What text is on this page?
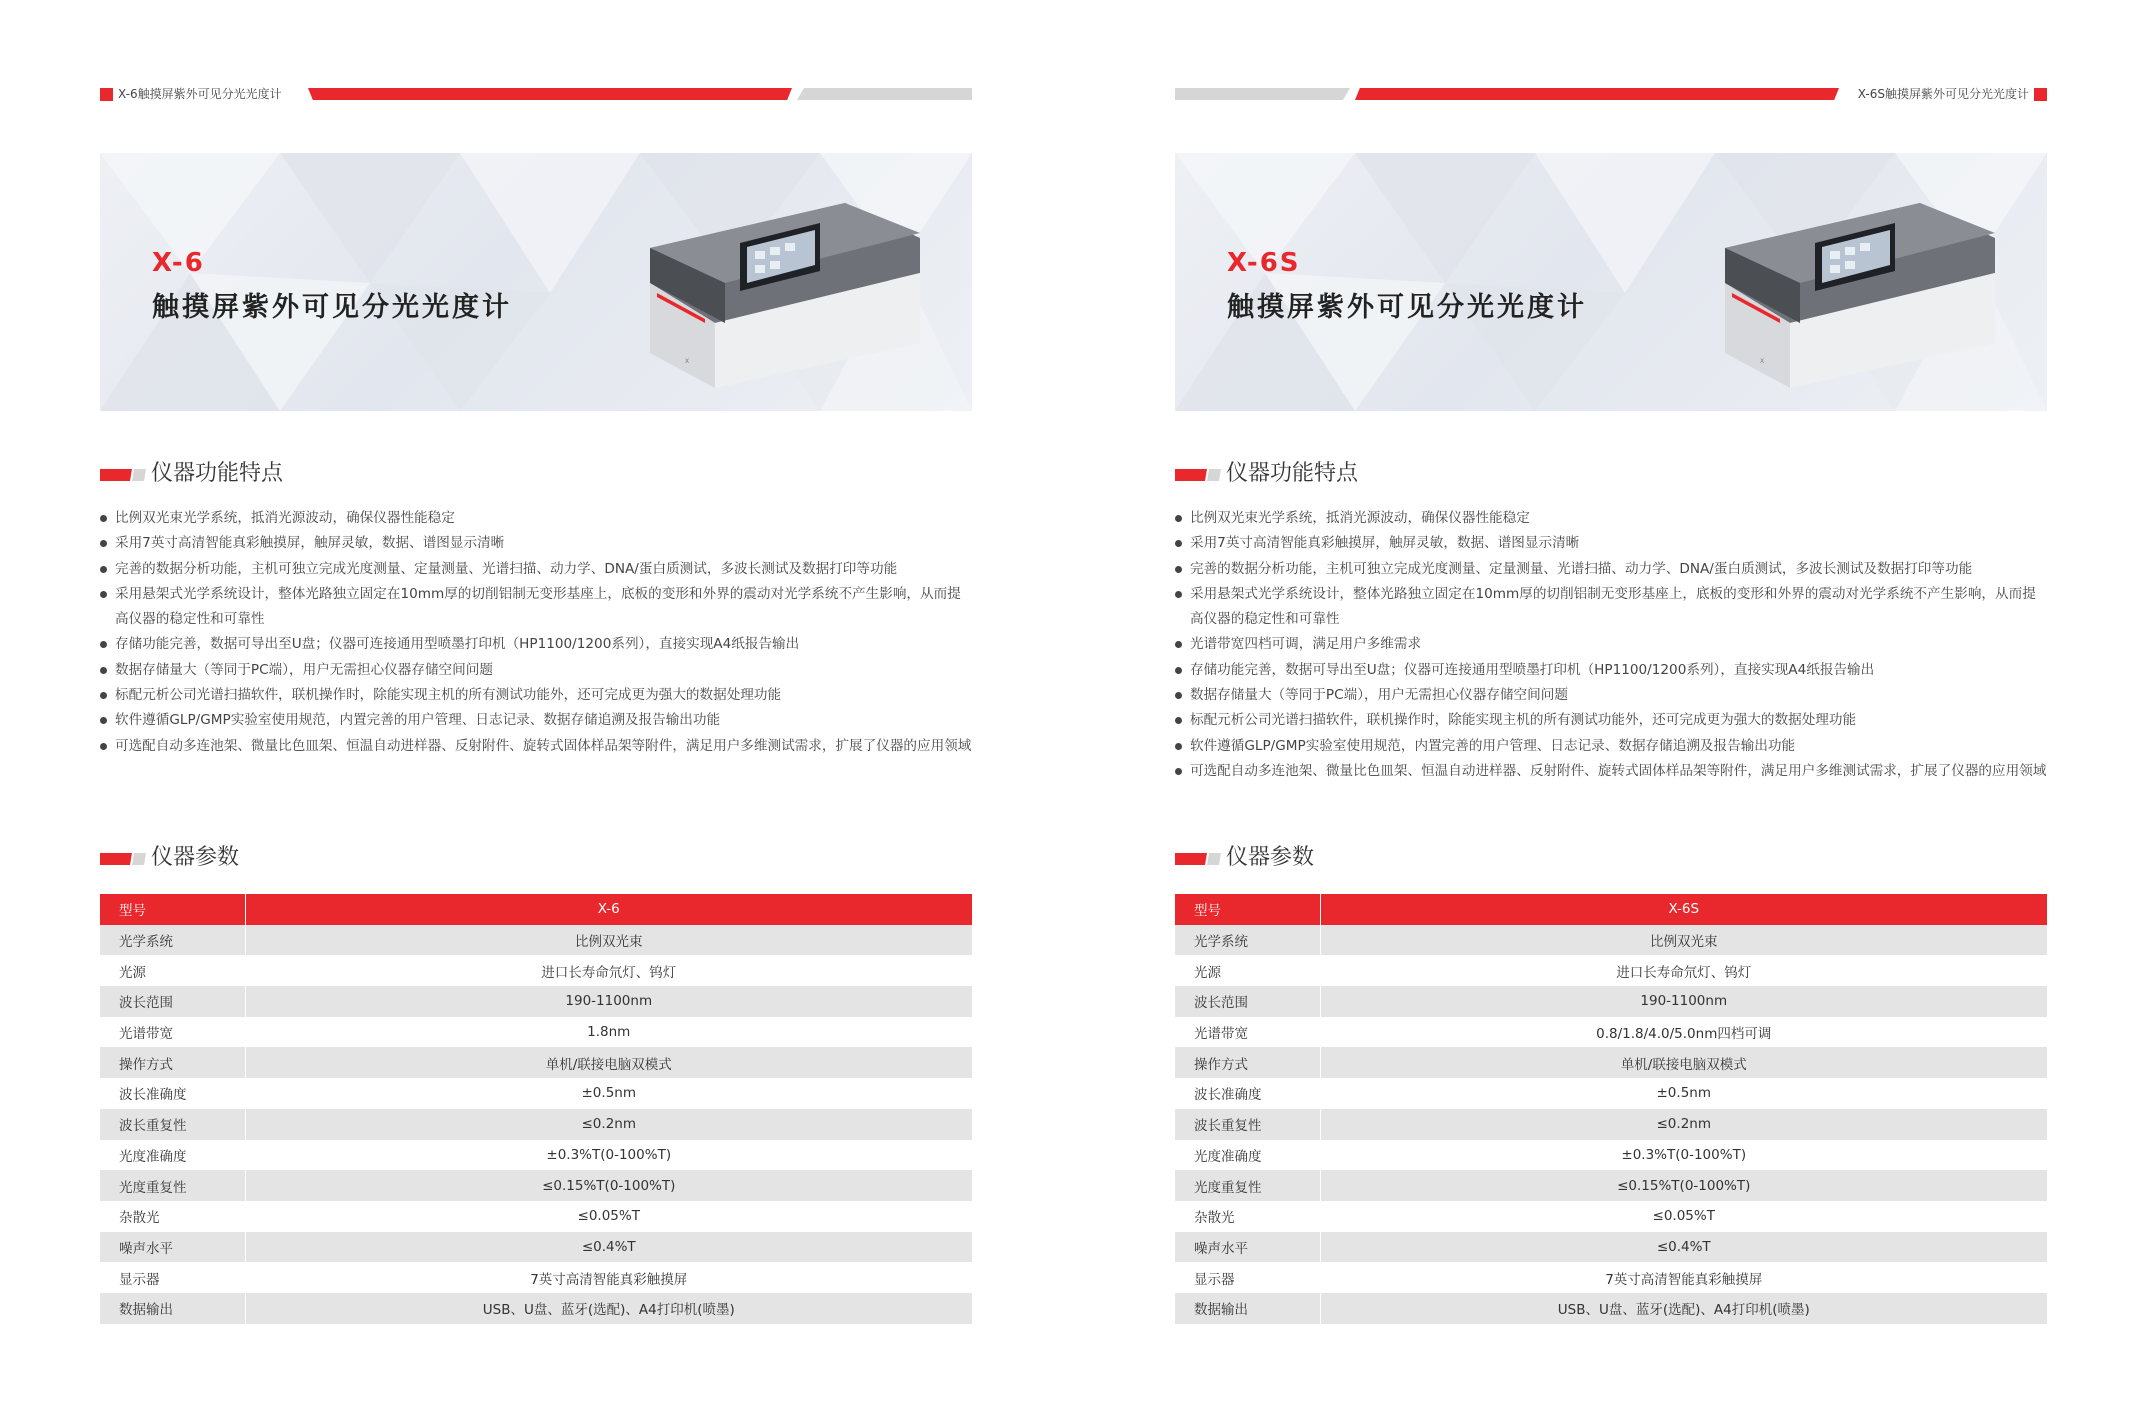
X-6触摸屏紫外可见分光光度计
X-6
触摸屏紫外可见分光光度计
X
仪器功能特点
比例双光束光学系统，抵消光源波动，确保仪器性能稳定
采用7英寸高清智能真彩触摸屏，触屏灵敏，数据、谱图显示清晰
完善的数据分析功能，主机可独立完成光度测量、定量测量、光谱扫描、动力学、DNA/蛋白质测试，多波长测试及数据打印等功能
采用悬架式光学系统设计，整体光路独立固定在10mm厚的切削铝制无变形基座上，底板的变形和外界的震动对光学系统不产生影响，从而提高仪器的稳定性和可靠性
存储功能完善，数据可导出至U盘；仪器可连接通用型喷墨打印机（HP1100/1200系列），直接实现A4纸报告输出
数据存储量大（等同于PC端），用户无需担心仪器存储空间问题
标配元析公司光谱扫描软件，联机操作时，除能实现主机的所有测试功能外，还可完成更为强大的数据处理功能
软件遵循GLP/GMP实验室使用规范，内置完善的用户管理、日志记录、数据存储追溯及报告输出功能
可选配自动多连池架、微量比色皿架、恒温自动进样器、反射附件、旋转式固体样品架等附件，满足用户多维测试需求，扩展了仪器的应用领域
仪器参数
型号	X-6
光学系统	比例双光束
光源	进口长寿命氘灯、钨灯
波长范围	190-1100nm
光谱带宽	1.8nm
操作方式	单机/联接电脑双模式
波长准确度	±0.5nm
波长重复性	≤0.2nm
光度准确度	±0.3%T(0-100%T)
光度重复性	≤0.15%T(0-100%T)
杂散光	≤0.05%T
噪声水平	≤0.4%T
显示器	7英寸高清智能真彩触摸屏
数据输出	USB、U盘、蓝牙(选配)、A4打印机(喷墨)
X-6S触摸屏紫外可见分光光度计
X-6S
触摸屏紫外可见分光光度计
X
仪器功能特点
比例双光束光学系统，抵消光源波动，确保仪器性能稳定
采用7英寸高清智能真彩触摸屏，触屏灵敏，数据、谱图显示清晰
完善的数据分析功能，主机可独立完成光度测量、定量测量、光谱扫描、动力学、DNA/蛋白质测试，多波长测试及数据打印等功能
采用悬架式光学系统设计，整体光路独立固定在10mm厚的切削铝制无变形基座上，底板的变形和外界的震动对光学系统不产生影响，从而提高仪器的稳定性和可靠性
光谱带宽四档可调，满足用户多维需求
存储功能完善，数据可导出至U盘；仪器可连接通用型喷墨打印机（HP1100/1200系列），直接实现A4纸报告输出
数据存储量大（等同于PC端），用户无需担心仪器存储空间问题
标配元析公司光谱扫描软件，联机操作时，除能实现主机的所有测试功能外，还可完成更为强大的数据处理功能
软件遵循GLP/GMP实验室使用规范，内置完善的用户管理、日志记录、数据存储追溯及报告输出功能
可选配自动多连池架、微量比色皿架、恒温自动进样器、反射附件、旋转式固体样品架等附件，满足用户多维测试需求，扩展了仪器的应用领域
仪器参数
型号	X-6S
光学系统	比例双光束
光源	进口长寿命氘灯、钨灯
波长范围	190-1100nm
光谱带宽	0.8/1.8/4.0/5.0nm四档可调
操作方式	单机/联接电脑双模式
波长准确度	±0.5nm
波长重复性	≤0.2nm
光度准确度	±0.3%T(0-100%T)
光度重复性	≤0.15%T(0-100%T)
杂散光	≤0.05%T
噪声水平	≤0.4%T
显示器	7英寸高清智能真彩触摸屏
数据输出	USB、U盘、蓝牙(选配)、A4打印机(喷墨)
